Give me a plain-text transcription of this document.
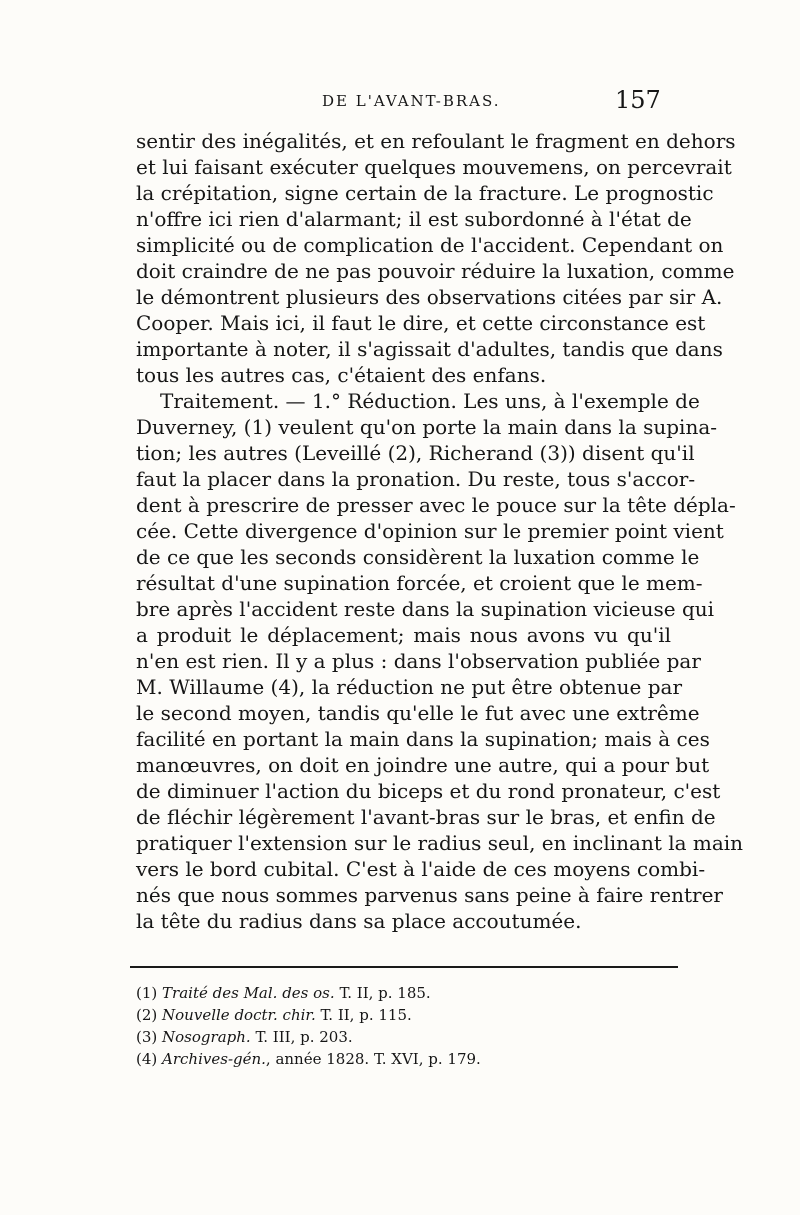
DE L'AVANT-BRAS.	157
sentir des inégalités, et en refoulant le fragment en dehors
et lui faisant exécuter quelques mouvemens, on percevrait
la crépitation, signe certain de la fracture. Le prognostic
n'offre ici rien d'alarmant; il est subordonné à l'état de
simplicité ou de complication de l'accident. Cependant on
doit craindre de ne pas pouvoir réduire la luxation, comme
le démontrent plusieurs des observations citées par sir A.
Cooper. Mais ici, il faut le dire, et cette circonstance est
importante à noter, il s'agissait d'adultes, tandis que dans
tous les autres cas, c'étaient des enfans.
Traitement. — 1.° Réduction. Les uns, à l'exemple de
Duverney, (1) veulent qu'on porte la main dans la supina-
tion; les autres (Leveillé (2), Richerand (3)) disent qu'il
faut la placer dans la pronation. Du reste, tous s'accor-
dent à prescrire de presser avec le pouce sur la tête dépla-
cée. Cette divergence d'opinion sur le premier point vient
de ce que les seconds considèrent la luxation comme le
résultat d'une supination forcée, et croient que le mem-
bre après l'accident reste dans la supination vicieuse qui
a produit le déplacement; mais nous avons vu qu'il
n'en est rien. Il y a plus : dans l'observation publiée par
M. Willaume (4), la réduction ne put être obtenue par
le second moyen, tandis qu'elle le fut avec une extrême
facilité en portant la main dans la supination; mais à ces
manœuvres, on doit en joindre une autre, qui a pour but
de diminuer l'action du biceps et du rond pronateur, c'est
de fléchir légèrement l'avant-bras sur le bras, et enfin de
pratiquer l'extension sur le radius seul, en inclinant la main
vers le bord cubital. C'est à l'aide de ces moyens combi-
nés que nous sommes parvenus sans peine à faire rentrer
la tête du radius dans sa place accoutumée.
(1) Traité des Mal. des os. T. II, p. 185.
(2) Nouvelle doctr. chir. T. II, p. 115.
(3) Nosograph. T. III, p. 203.
(4) Archives-gén., année 1828. T. XVI, p. 179.
